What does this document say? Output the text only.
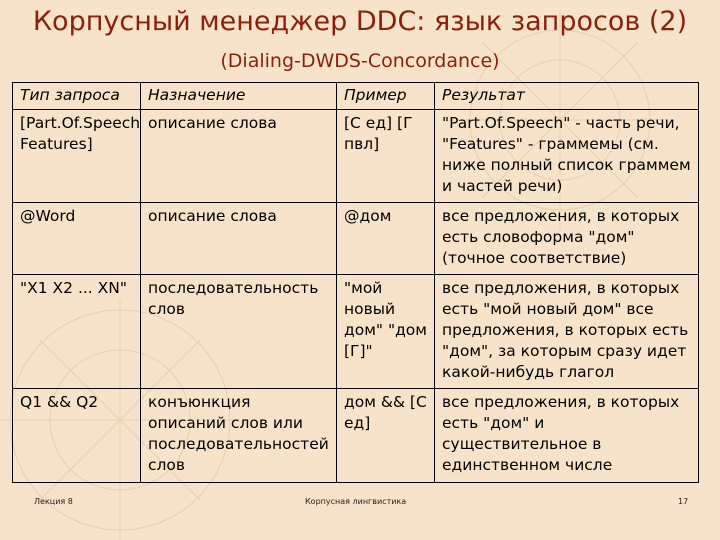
Корпусный менеджер DDC: язык запросов (2)
(Dialing-DWDS-Concordance)
Тип запроса	Назначение	Пример	Результат
[Part.Of.Speech Features]	описание слова	[С ед] [Г пвл]	"Part.Of.Speech" - часть речи, "Features" - граммемы (см. ниже полный список граммем и частей речи)
@Word	описание слова	@дом	все предложения, в которых есть словоформа "дом" (точное соответствие)
"X1 X2 ... XN"	последовательность слов	"мой новый дом" "дом [Г]"	все предложения, в которых есть "мой новый дом" все предложения, в которых есть "дом", за которым сразу идет какой-нибудь глагол
Q1 && Q2	конъюнкция описаний слов или последовательностей слов	дом && [С ед]	все предложения, в которых есть "дом" и существительное в единственном числе
Лекция 8	Корпусная лингвистика	17
